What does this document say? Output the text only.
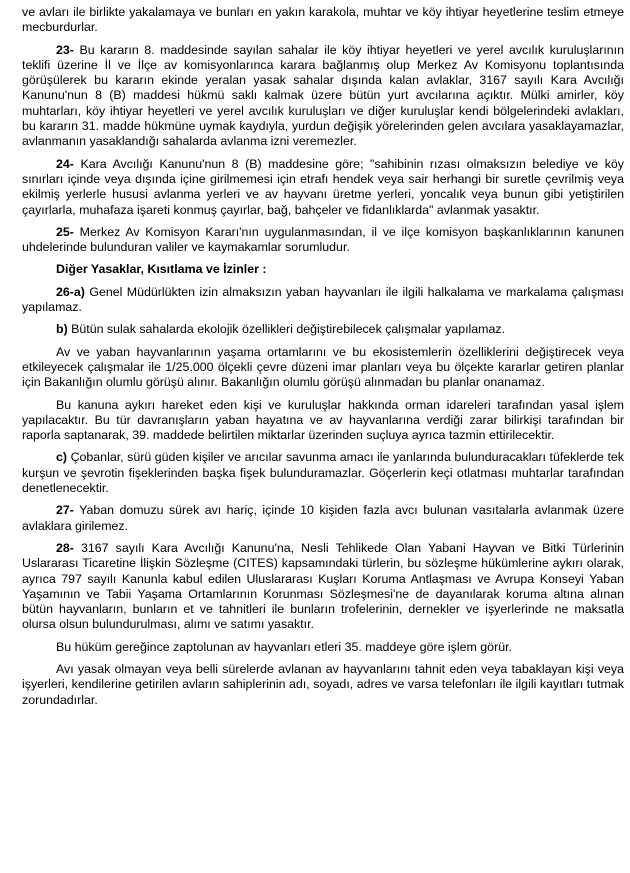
ve avları ile birlikte yakalamaya ve bunları en yakın karakola, muhtar ve köy ihtiyar heyetlerine teslim etmeye mecburdurlar.

23- Bu kararın 8. maddesinde sayılan sahalar ile köy ihtiyar heyetleri ve yerel avcılık kuruluşlarının teklifi üzerine İl ve İlçe av komisyonlarınca karara bağlanmış olup Merkez Av Komisyonu toplantısında görüşülerek bu kararın ekinde yeralan yasak sahalar dışında kalan avlaklar, 3167 sayılı Kara Avcılığı Kanunu'nun 8 (B) maddesi hükmü saklı kalmak üzere bütün yurt avcılarına açıktır. Mülki amirler, köy muhtarları, köy ihtiyar heyetleri ve yerel avcılık kuruluşları ve diğer kuruluşlar kendi bölgelerindeki avlakları, bu kararın 31. madde hükmüne uymak kaydıyla, yurdun değişik yörelerinden gelen avcılara yasaklayamazlar, avlanmanın yasaklandığı sahalarda avlanma izni veremezler.

24- Kara Avcılığı Kanunu'nun 8 (B) maddesine göre; "sahibinin rızası olmaksızın belediye ve köy sınırları içinde veya dışında içine girilmemesi için etrafı hendek veya sair herhangi bir suretle çevrilmiş veya ekilmiş yerlerle hususi avlanma yerleri ve av hayvanı üretme yerleri, yoncalık veya bunun gibi yetiştirilen çayırlarla, muhafaza işareti konmuş çayırlar, bağ, bahçeler ve fidanlıklarda" avlanmak yasaktır.

25- Merkez Av Komisyon Kararı'nın uygulanmasından, il ve ilçe komisyon başkanlıklarının kanunen uhdelerinde bulunduran valiler ve kaymakamlar sorumludur.

Diğer Yasaklar, Kısıtlama ve İzinler :

26-a) Genel Müdürlükten izin almaksızın yaban hayvanları ile ilgili halkalama ve markalama çalışması yapılamaz.

b) Bütün sulak sahalarda ekolojik özellikleri değiştirebilecek çalışmalar yapılamaz.

Av ve yaban hayvanlarının yaşama ortamlarını ve bu ekosistemlerin özelliklerini değiştirecek veya etkileyecek çalışmalar ile 1/25.000 ölçekli çevre düzeni imar planları veya bu ölçekte kararlar getiren planlar için Bakanlığın olumlu görüşü alınır. Bakanlığın olumlu görüşü alınmadan bu planlar onanamaz.

Bu kanuna aykırı hareket eden kişi ve kuruluşlar hakkında orman idareleri tarafından yasal işlem yapılacaktır. Bu tür davranışların yaban hayatına ve av hayvanlarına verdiği zarar bilirkişi tarafından bir raporla saptanarak, 39. maddede belirtilen miktarlar üzerinden suçluya ayrıca tazmin ettirilecektir.

c) Çobanlar, sürü güden kişiler ve arıcılar savunma amacı ile yanlarında bulunduracakları tüfeklerde tek kurşun ve şevrotin fişeklerinden başka fişek bulunduramazlar. Göçerlerin keçi otlatması muhtarlar tarafından denetlenecektir.

27- Yaban domuzu sürek avı hariç, içinde 10 kişiden fazla avcı bulunan vasıtalarla avlanmak üzere avlaklara girilemez.

28- 3167 sayılı Kara Avcılığı Kanunu'na, Nesli Tehlikede Olan Yabani Hayvan ve Bitki Türlerinin Uslararası Ticaretine İlişkin Sözleşme (CITES) kapsamındaki türlerin, bu sözleşme hükümlerine aykırı olarak, ayrıca 797 sayılı Kanunla kabul edilen Uluslararası Kuşları Koruma Antlaşması ve Avrupa Konseyi Yaban Yaşamının ve Tabii Yaşama Ortamlarının Korunması Sözleşmesi'ne de dayanılarak koruma altına alınan bütün hayvanların, bunların et ve tahnitleri ile bunların trofelerinin, dernekler ve işyerlerinde ne maksatla olursa olsun bulundurulması, alımı ve satımı yasaktır.

Bu hüküm gereğince zaptolunan av hayvanları etleri 35. maddeye göre işlem görür.

Avı yasak olmayan veya belli sürelerde avlanan av hayvanlarını tahnit eden veya tabaklayan kişi veya işyerleri, kendilerine getirilen avların sahiplerinin adı, soyadı, adres ve varsa telefonları ile ilgili kayıtları tutmak zorundadırlar.
